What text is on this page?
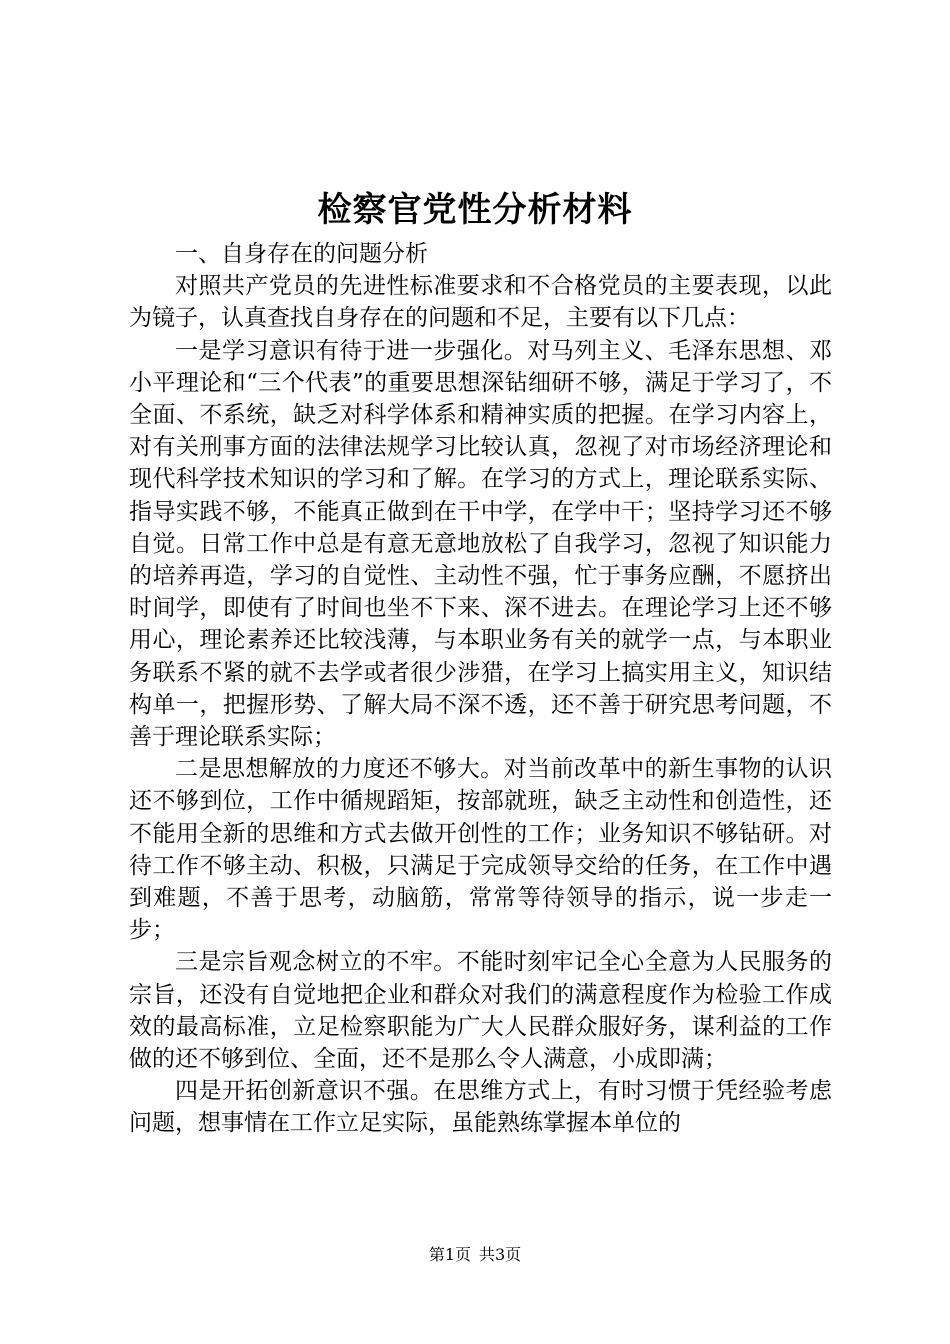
检察官党性分析材料

一、自身存在的问题分析

对照共产党员的先进性标准要求和不合格党员的主要表现，以此为镜子，认真查找自身存在的问题和不足，主要有以下几点：

一是学习意识有待于进一步强化。对马列主义、毛泽东思想、邓小平理论和“三个代表”的重要思想深钻细研不够，满足于学习了，不全面、不系统，缺乏对科学体系和精神实质的把握。在学习内容上，对有关刑事方面的法律法规学习比较认真，忽视了对市场经济理论和现代科学技术知识的学习和了解。在学习的方式上，理论联系实际、指导实践不够，不能真正做到在干中学，在学中干；坚持学习还不够自觉。日常工作中总是有意无意地放松了自我学习，忽视了知识能力的培养再造，学习的自觉性、主动性不强，忙于事务应酬，不愿挤出时间学，即使有了时间也坐不下来、深不进去。在理论学习上还不够用心，理论素养还比较浅薄，与本职业务有关的就学一点，与本职业务联系不紧的就不去学或者很少涉猎，在学习上搞实用主义，知识结构单一，把握形势、了解大局不深不透，还不善于研究思考问题，不善于理论联系实际；

二是思想解放的力度还不够大。对当前改革中的新生事物的认识还不够到位，工作中循规蹈矩，按部就班，缺乏主动性和创造性，还不能用全新的思维和方式去做开创性的工作；业务知识不够钻研。对待工作不够主动、积极，只满足于完成领导交给的任务，在工作中遇到难题，不善于思考，动脑筋，常常等待领导的指示，说一步走一步；

三是宗旨观念树立的不牢。不能时刻牢记全心全意为人民服务的宗旨，还没有自觉地把企业和群众对我们的满意程度作为检验工作成效的最高标准，立足检察职能为广大人民群众服好务，谋利益的工作做的还不够到位、全面，还不是那么令人满意，小成即满；

四是开拓创新意识不强。在思维方式上，有时习惯于凭经验考虑问题，想事情在工作立足实际，虽能熟练掌握本单位的

第1页 共3页
